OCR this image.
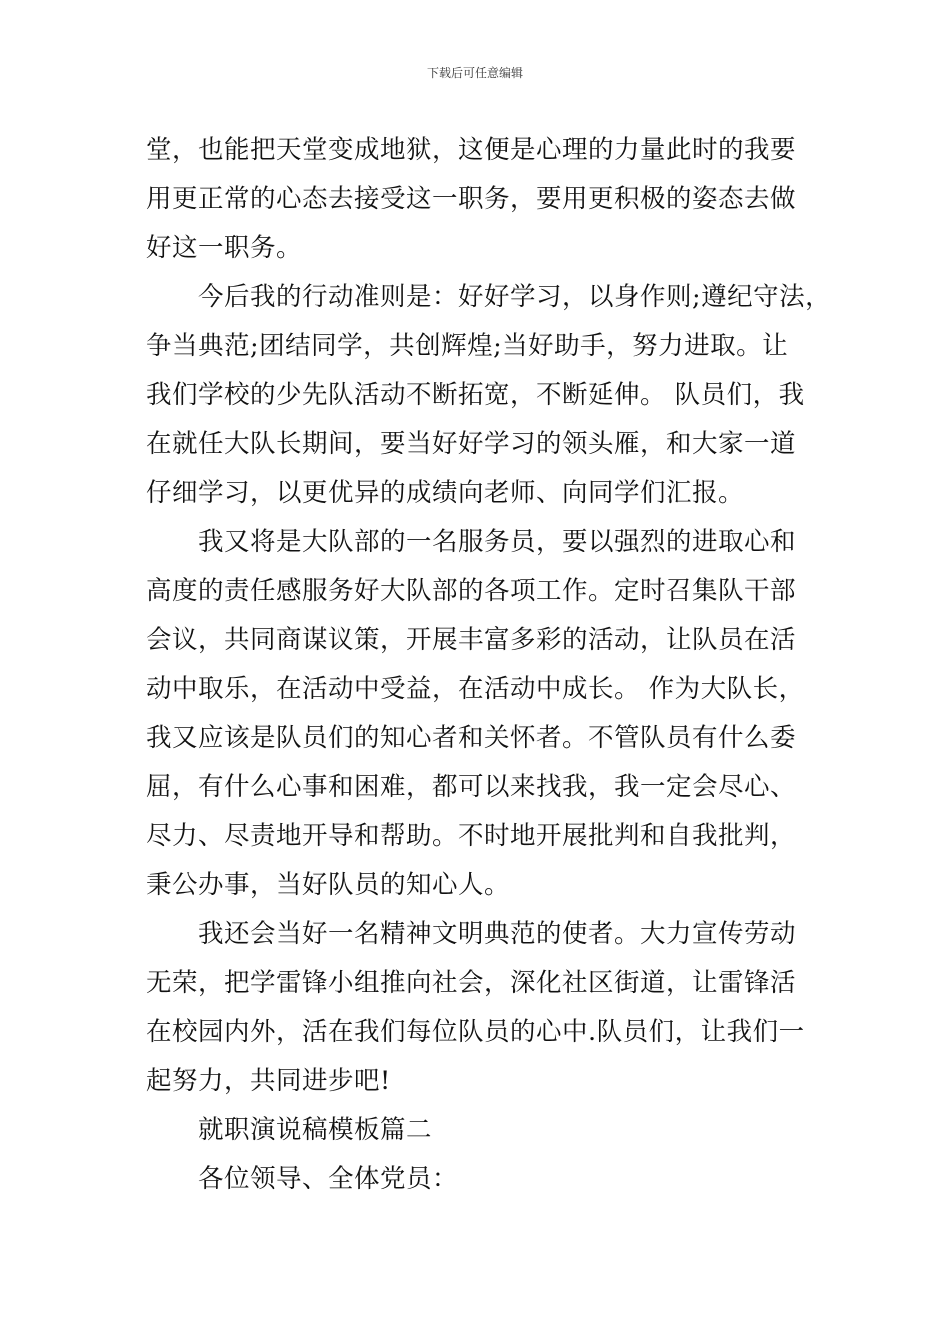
下载后可任意编辑
堂，也能把天堂变成地狱，这便是心理的力量此时的我要
用更正常的心态去接受这一职务，要用更积极的姿态去做
好这一职务。
今后我的行动准则是：好好学习，以身作则;遵纪守法，
争当典范;团结同学，共创辉煌;当好助手，努力进取。让
我们学校的少先队活动不断拓宽，不断延伸。 队员们，我
在就任大队长期间，要当好好学习的领头雁，和大家一道
仔细学习，以更优异的成绩向老师、向同学们汇报。
我又将是大队部的一名服务员，要以强烈的进取心和
高度的责任感服务好大队部的各项工作。定时召集队干部
会议，共同商谋议策，开展丰富多彩的活动，让队员在活
动中取乐，在活动中受益，在活动中成长。 作为大队长，
我又应该是队员们的知心者和关怀者。不管队员有什么委
屈，有什么心事和困难，都可以来找我，我一定会尽心、
尽力、尽责地开导和帮助。不时地开展批判和自我批判，
秉公办事，当好队员的知心人。
我还会当好一名精神文明典范的使者。大力宣传劳动
无荣，把学雷锋小组推向社会，深化社区街道，让雷锋活
在校园内外，活在我们每位队员的心中.队员们，让我们一
起努力，共同进步吧!
就职演说稿模板篇二
各位领导、全体党员：
